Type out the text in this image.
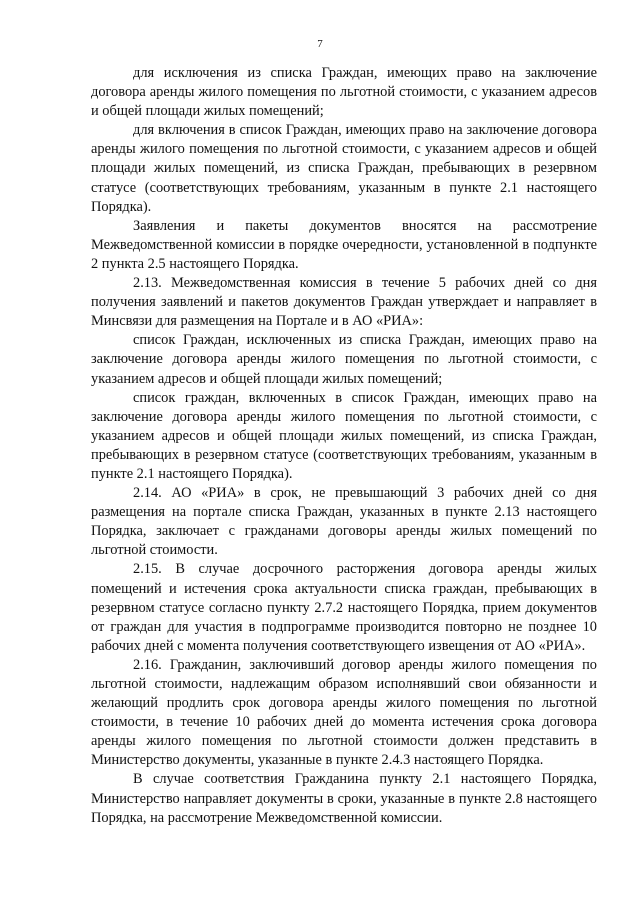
7

для исключения из списка Граждан, имеющих право на заключение договора аренды жилого помещения по льготной стоимости, с указанием адресов и общей площади жилых помещений;

для включения в список Граждан, имеющих право на заключение договора аренды жилого помещения по льготной стоимости, с указанием адресов и общей площади жилых помещений, из списка Граждан, пребывающих в резервном статусе (соответствующих требованиям, указанным в пункте 2.1 настоящего Порядка).

Заявления и пакеты документов вносятся на рассмотрение Межведомственной комиссии в порядке очередности, установленной в подпункте 2 пункта 2.5 настоящего Порядка.

2.13. Межведомственная комиссия в течение 5 рабочих дней со дня получения заявлений и пакетов документов Граждан утверждает и направляет в Минсвязи для размещения на Портале и в АО «РИА»:

список Граждан, исключенных из списка Граждан, имеющих право на заключение договора аренды жилого помещения по льготной стоимости, с указанием адресов и общей площади жилых помещений;

список граждан, включенных в список Граждан, имеющих право на заключение договора аренды жилого помещения по льготной стоимости, с указанием адресов и общей площади жилых помещений, из списка Граждан, пребывающих в резервном статусе (соответствующих требованиям, указанным в пункте 2.1 настоящего Порядка).

2.14. АО «РИА» в срок, не превышающий 3 рабочих дней со дня размещения на портале списка Граждан, указанных в пункте 2.13 настоящего Порядка, заключает с гражданами договоры аренды жилых помещений по льготной стоимости.

2.15. В случае досрочного расторжения договора аренды жилых помещений и истечения срока актуальности списка граждан, пребывающих в резервном статусе согласно пункту 2.7.2 настоящего Порядка, прием документов от граждан для участия в подпрограмме производится повторно не позднее 10 рабочих дней с момента получения соответствующего извещения от АО «РИА».

2.16. Гражданин, заключивший договор аренды жилого помещения по льготной стоимости, надлежащим образом исполнявший свои обязанности и желающий продлить срок договора аренды жилого помещения по льготной стоимости, в течение 10 рабочих дней до момента истечения срока договора аренды жилого помещения по льготной стоимости должен представить в Министерство документы, указанные в пункте 2.4.3 настоящего Порядка.

В случае соответствия Гражданина пункту 2.1 настоящего Порядка, Министерство направляет документы в сроки, указанные в пункте 2.8 настоящего Порядка, на рассмотрение Межведомственной комиссии.
